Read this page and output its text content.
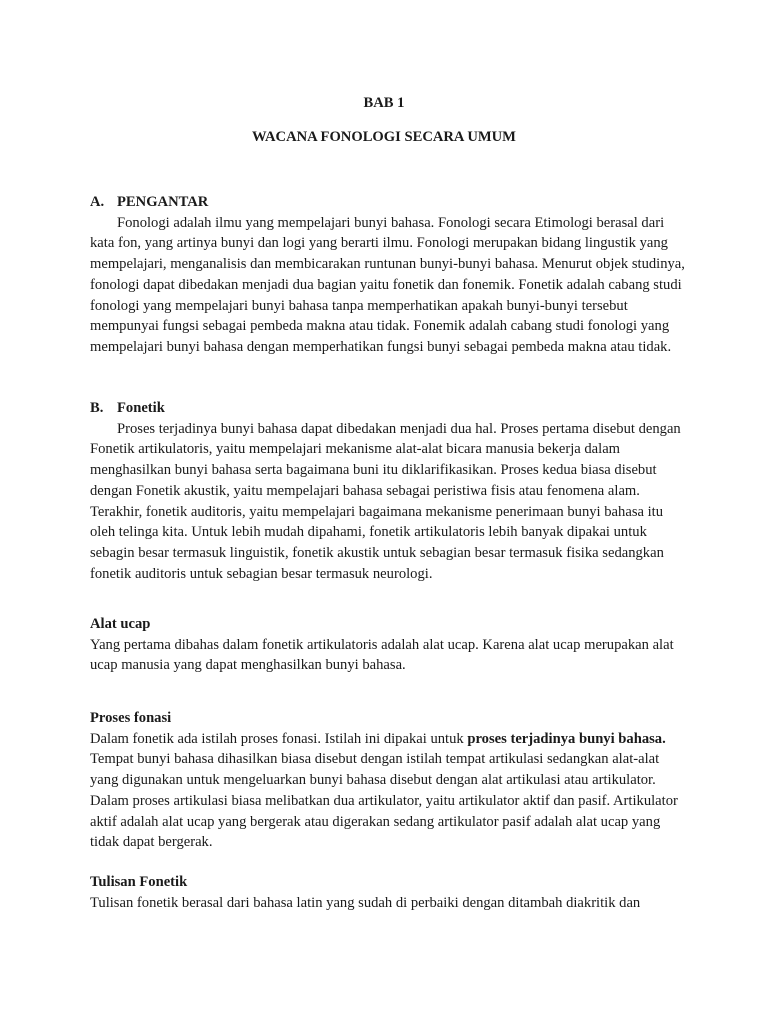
BAB 1
WACANA FONOLOGI SECARA UMUM

A. PENGANTAR

Fonologi adalah ilmu yang mempelajari bunyi bahasa. Fonologi secara Etimologi berasal dari kata fon, yang artinya bunyi dan logi yang berarti ilmu. Fonologi merupakan bidang lingustik yang mempelajari, menganalisis dan membicarakan runtunan bunyi-bunyi bahasa. Menurut objek studinya, fonologi dapat dibedakan menjadi dua bagian yaitu fonetik dan fonemik. Fonetik adalah cabang studi fonologi yang mempelajari bunyi bahasa tanpa memperhatikan apakah bunyi-bunyi tersebut mempunyai fungsi sebagai pembeda makna atau tidak. Fonemik adalah cabang studi fonologi yang mempelajari bunyi bahasa dengan memperhatikan fungsi bunyi sebagai pembeda makna atau tidak.

B. Fonetik

Proses terjadinya bunyi bahasa dapat dibedakan menjadi dua hal. Proses pertama disebut dengan Fonetik artikulatoris, yaitu mempelajari mekanisme alat-alat bicara manusia bekerja dalam menghasilkan bunyi bahasa serta bagaimana buni itu diklarifikasikan. Proses kedua biasa disebut dengan Fonetik akustik, yaitu mempelajari bahasa sebagai peristiwa fisis atau fenomena alam. Terakhir, fonetik auditoris, yaitu mempelajari bagaimana mekanisme penerimaan bunyi bahasa itu oleh telinga kita. Untuk lebih mudah dipahami, fonetik artikulatoris lebih banyak dipakai untuk sebagin besar termasuk linguistik, fonetik akustik untuk sebagian besar termasuk fisika sedangkan fonetik auditoris untuk sebagian besar termasuk neurologi.

Alat ucap

Yang pertama dibahas dalam fonetik artikulatoris adalah alat ucap. Karena alat ucap merupakan alat ucap manusia yang dapat menghasilkan bunyi bahasa.

Proses fonasi

Dalam fonetik ada istilah proses fonasi. Istilah ini dipakai untuk proses terjadinya bunyi bahasa. Tempat bunyi bahasa dihasilkan biasa disebut dengan istilah tempat artikulasi sedangkan alat-alat yang digunakan untuk mengeluarkan bunyi bahasa disebut dengan alat artikulasi atau artikulator. Dalam proses artikulasi biasa melibatkan dua artikulator, yaitu artikulator aktif dan pasif. Artikulator aktif adalah alat ucap yang bergerak atau digerakan sedang artikulator pasif adalah alat ucap yang tidak dapat bergerak.

Tulisan Fonetik

Tulisan fonetik berasal dari bahasa latin yang sudah di perbaiki dengan ditambah diakritik dan
